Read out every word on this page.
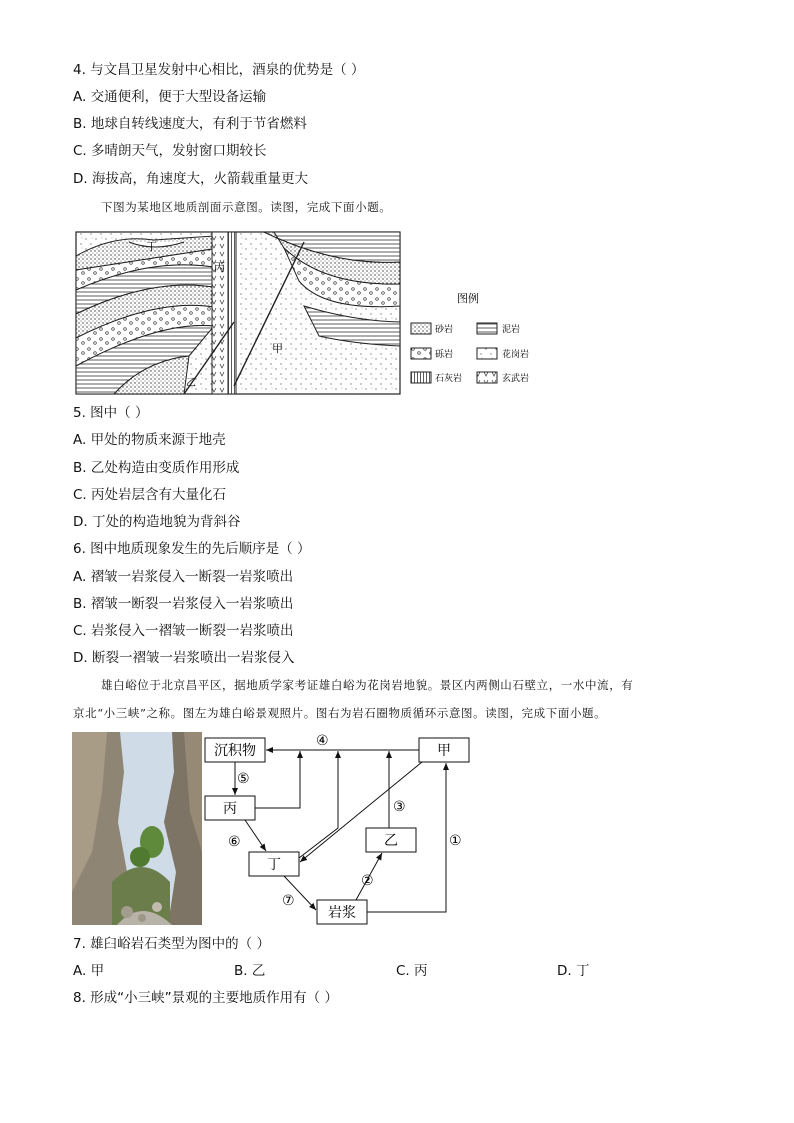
4. 与文昌卫星发射中心相比，酒泉的优势是（ ）
A. 交通便利，便于大型设备运输
B. 地球自转线速度大，有利于节省燃料
C. 多晴朗天气，发射窗口期较长
D. 海拔高，角速度大，火箭载重量更大
下图为某地区地质剖面示意图。读图，完成下面小题。
丁
丙
甲
乙
图例
砂岩	泥岩
砾岩	花岗岩
石灰岩	玄武岩
5. 图中（ ）
A. 甲处的物质来源于地壳
B. 乙处构造由变质作用形成
C. 丙处岩层含有大量化石
D. 丁处的构造地貌为背斜谷
6. 图中地质现象发生的先后顺序是（ ）
A. 褶皱一岩浆侵入一断裂一岩浆喷出
B. 褶皱一断裂一岩浆侵入一岩浆喷出
C. 岩浆侵入一褶皱一断裂一岩浆喷出
D. 断裂一褶皱一岩浆喷出一岩浆侵入
雄白峪位于北京昌平区，据地质学家考证雄白峪为花岗岩地貌。景区内两侧山石壁立，一水中流，有
京北“小三峡”之称。图左为雄白峪景观照片。图右为岩石圈物质循环示意图。读图，完成下面小题。
沉积物	甲
丙
乙
丁
岩浆
④
⑤
⑥
⑦
②
③
①
7. 雄臼峪岩石类型为图中的（ ）
A. 甲	B. 乙	C. 丙	D. 丁
8. 形成“小三峡”景观的主要地质作用有（ ）
